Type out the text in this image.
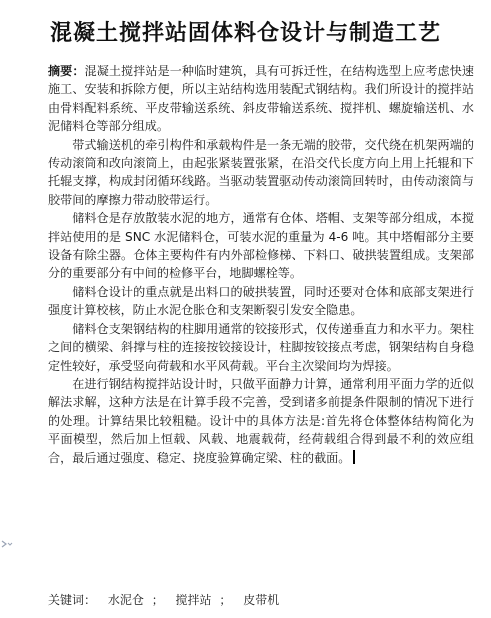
混凝土搅拌站固体料仓设计与制造工艺

摘要：混凝土搅拌站是一种临时建筑，具有可拆迁性，在结构选型上应考虑快速施工、安装和拆除方便，所以主站结构选用装配式钢结构。我们所设计的搅拌站由骨料配料系统、平皮带输送系统、斜皮带输送系统、搅拌机、螺旋输送机、水泥储料仓等部分组成。

带式输送机的牵引构件和承载构件是一条无端的胶带，交代绕在机架两端的传动滚筒和改向滚筒上，由起张紧装置张紧，在沿交代长度方向上用上托辊和下托辊支撑，构成封闭循环线路。当驱动装置驱动传动滚筒回转时，由传动滚筒与胶带间的摩擦力带动胶带运行。

储料仓是存放散装水泥的地方，通常有仓体、塔帽、支架等部分组成，本搅拌站使用的是 SNC 水泥储料仓，可装水泥的重量为 4-6 吨。其中塔帽部分主要设备有除尘器。仓体主要构件有内外部检修梯、下料口、破拱装置组成。支架部分的重要部分有中间的检修平台，地脚螺栓等。

储料仓设计的重点就是出料口的破拱装置，同时还要对仓体和底部支架进行强度计算校核，防止水泥仓胀仓和支架断裂引发安全隐患。

储料仓支架钢结构的柱脚用通常的铰接形式，仅传递垂直力和水平力。架柱之间的横梁、斜撑与柱的连接按铰接设计，柱脚按铰接点考虑，钢架结构自身稳定性较好，承受竖向荷载和水平风荷载。平台主次梁间均为焊接。

在进行钢结构搅拌站设计时，只做平面静力计算，通常利用平面力学的近似解法求解，这种方法是在计算手段不完善，受到诸多前提条件限制的情况下进行的处理。计算结果比较粗糙。设计中的具体方法是:首先将仓体整体结构简化为平面模型，然后加上恒载、风载、地震载荷，经荷载组合得到最不利的效应组合，最后通过强度、稳定、挠度验算确定梁、柱的截面。

关键词： 水泥仓 ； 搅拌站 ； 皮带机
